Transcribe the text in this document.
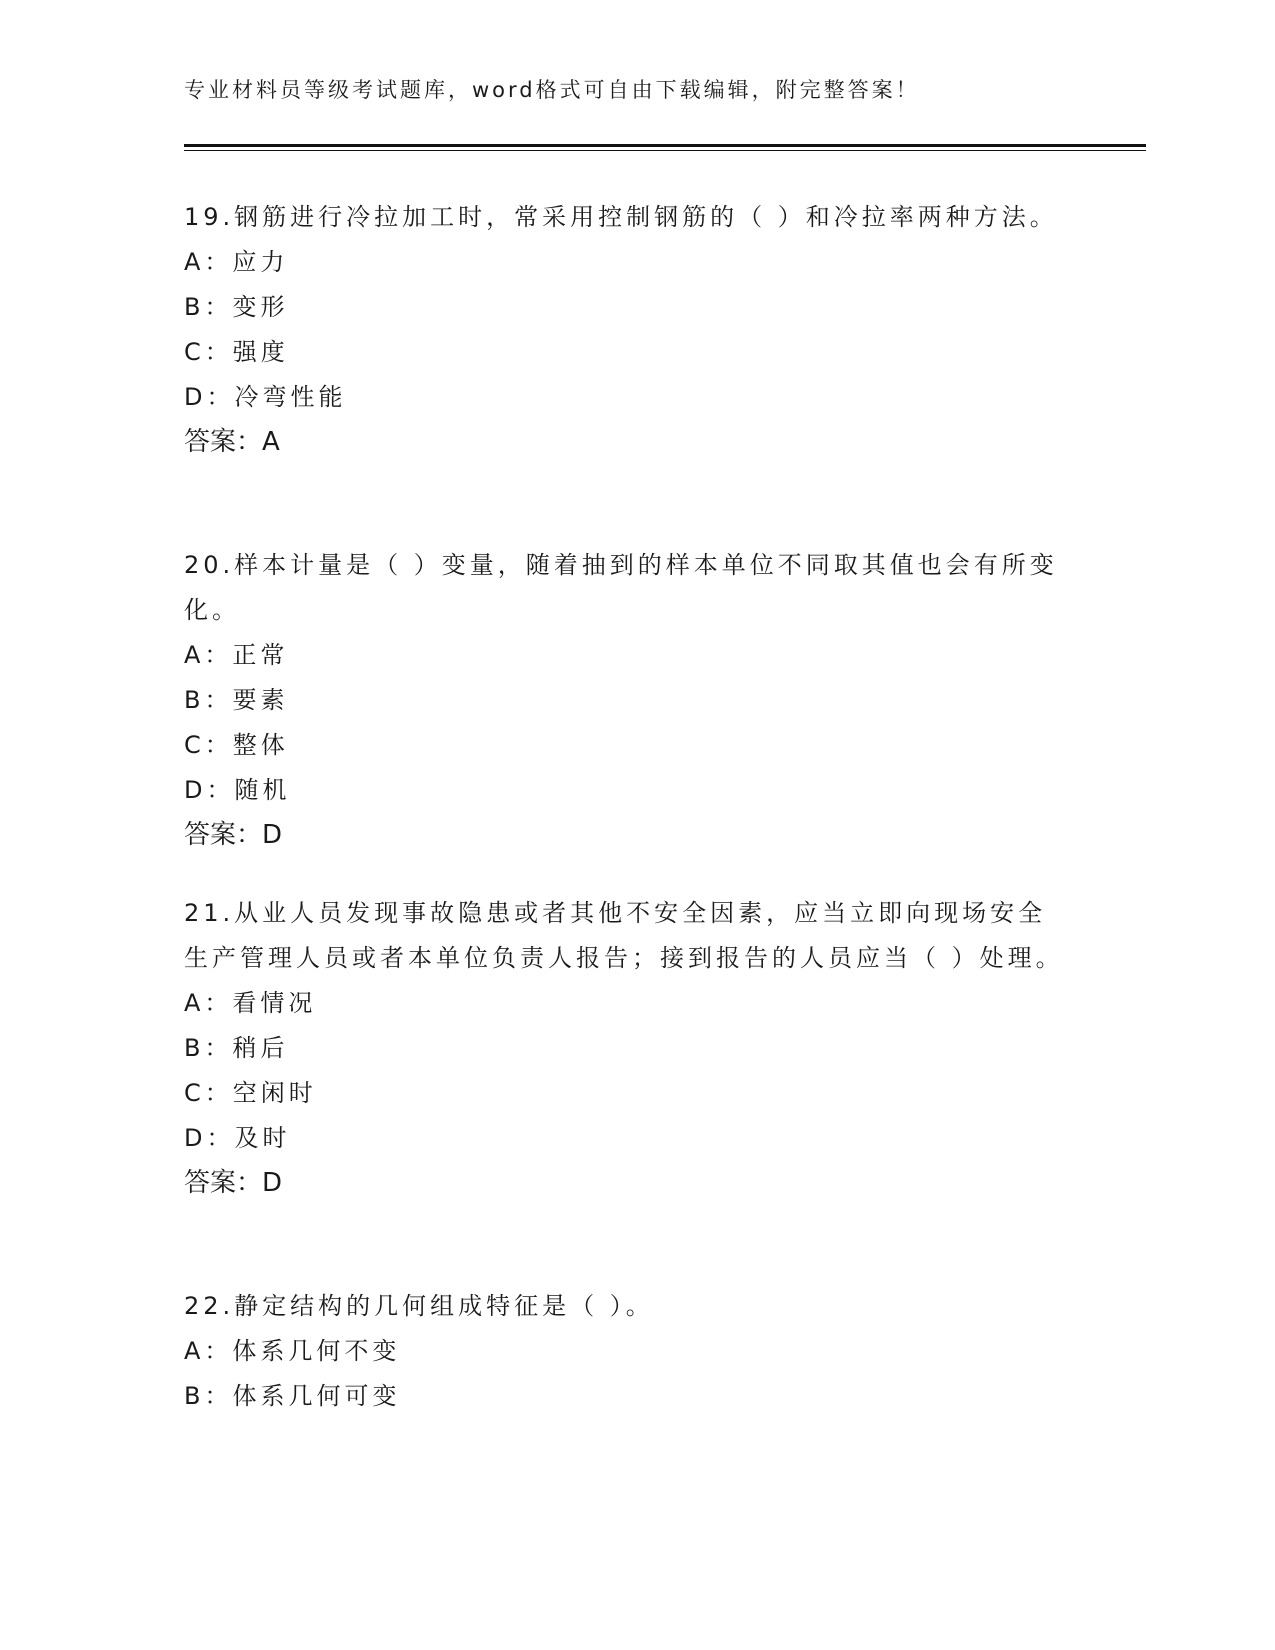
专业材料员等级考试题库，word格式可自由下载编辑，附完整答案！

19.钢筋进行冷拉加工时，常采用控制钢筋的（ ）和冷拉率两种方法。

A：应力

B：变形

C：强度

D：冷弯性能

答案：A

20.样本计量是（ ）变量，随着抽到的样本单位不同取其值也会有所变化。

A：正常

B：要素

C：整体

D：随机

答案：D

21.从业人员发现事故隐患或者其他不安全因素，应当立即向现场安全生产管理人员或者本单位负责人报告；接到报告的人员应当（ ）处理。

A：看情况

B：稍后

C：空闲时

D：及时

答案：D

22.静定结构的几何组成特征是（ ）。

A：体系几何不变

B：体系几何可变
